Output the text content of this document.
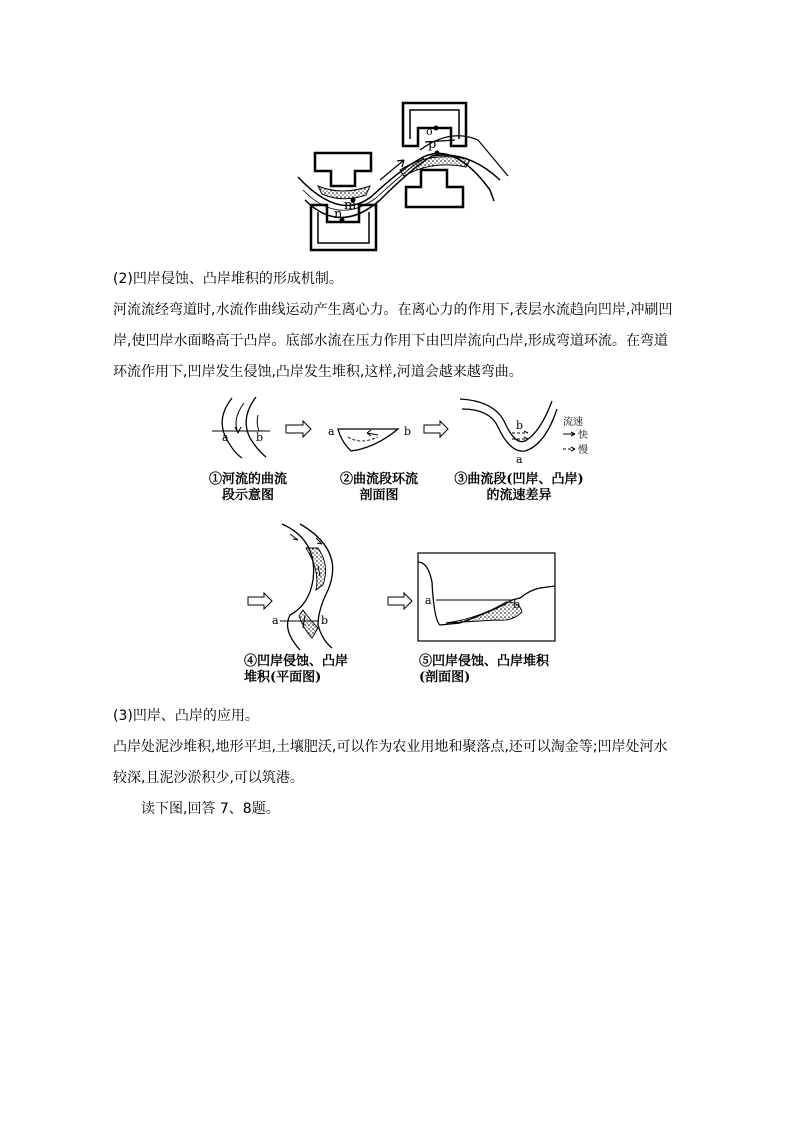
o
p
m
n

(2)凹岸侵蚀、凸岸堆积的形成机制。

河流流经弯道时,水流作曲线运动产生离心力。在离心力的作用下,表层水流趋向凹岸,冲刷凹

岸,使凹岸水面略高于凸岸。底部水流在压力作用下由凹岸流向凸岸,形成弯道环流。在弯道

环流作用下,凹岸发生侵蚀,凸岸发生堆积,这样,河道会越来越弯曲。

a b	a	b	b
a
流速
快
慢
①河流的曲流
段示意图
②曲流段环流
剖面图
③曲流段(凹岸、凸岸)
的流速差异
a	b
a	b
④凹岸侵蚀、凸岸
堆积(平面图)
⑤凹岸侵蚀、凸岸堆积
(剖面图)

(3)凹岸、凸岸的应用。

凸岸处泥沙堆积,地形平坦,土壤肥沃,可以作为农业用地和聚落点,还可以淘金等;凹岸处河水

较深,且泥沙淤积少,可以筑港。

读下图,回答 7、8题。
